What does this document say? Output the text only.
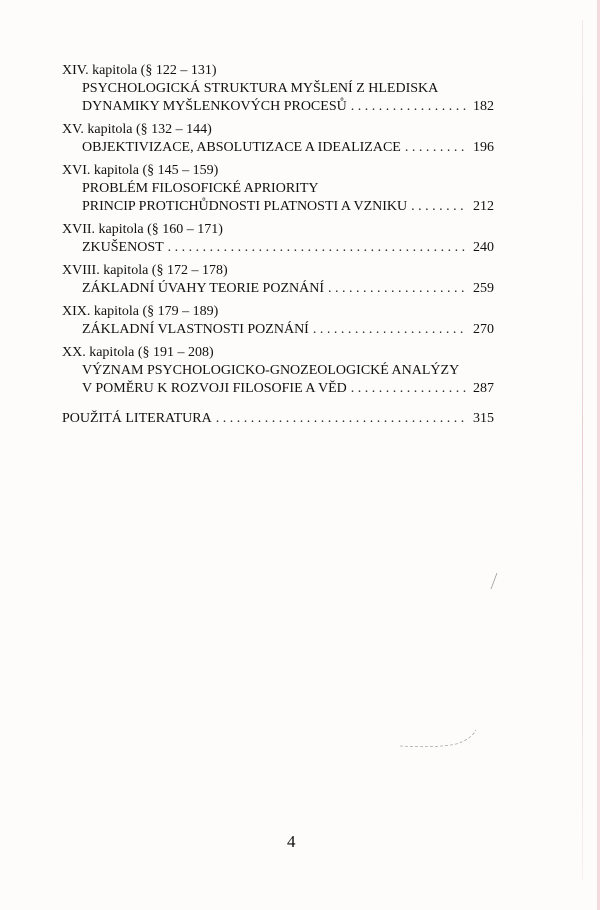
XIV. kapitola (§ 122 – 131)
PSYCHOLOGICKÁ STRUKTURA MYŠLENÍ Z HLEDISKA
DYNAMIKY MYŠLENKOVÝCH PROCESŮ . . .	182
XV. kapitola (§ 132 – 144)
OBJEKTIVIZACE, ABSOLUTIZACE A IDEALIZACE . . .	196
XVI. kapitola (§ 145 – 159)
PROBLÉM FILOSOFICKÉ APRIORITY
PRINCIP PROTICHŮDNOSTI PLATNOSTI A VZNIKU . . .	212
XVII. kapitola (§ 160 – 171)
ZKUŠENOST . . .	240
XVIII. kapitola (§ 172 – 178)
ZÁKLADNÍ ÚVAHY TEORIE POZNÁNÍ . . .	259
XIX. kapitola (§ 179 – 189)
ZÁKLADNÍ VLASTNOSTI POZNÁNÍ . . .	270
XX. kapitola (§ 191 – 208)
VÝZNAM PSYCHOLOGICKO-GNOZEOLOGICKÉ ANALÝZY
V POMĚRU K ROZVOJI FILOSOFIE A VĚD . . .	287
POUŽITÁ LITERATURA . . .	315
4
